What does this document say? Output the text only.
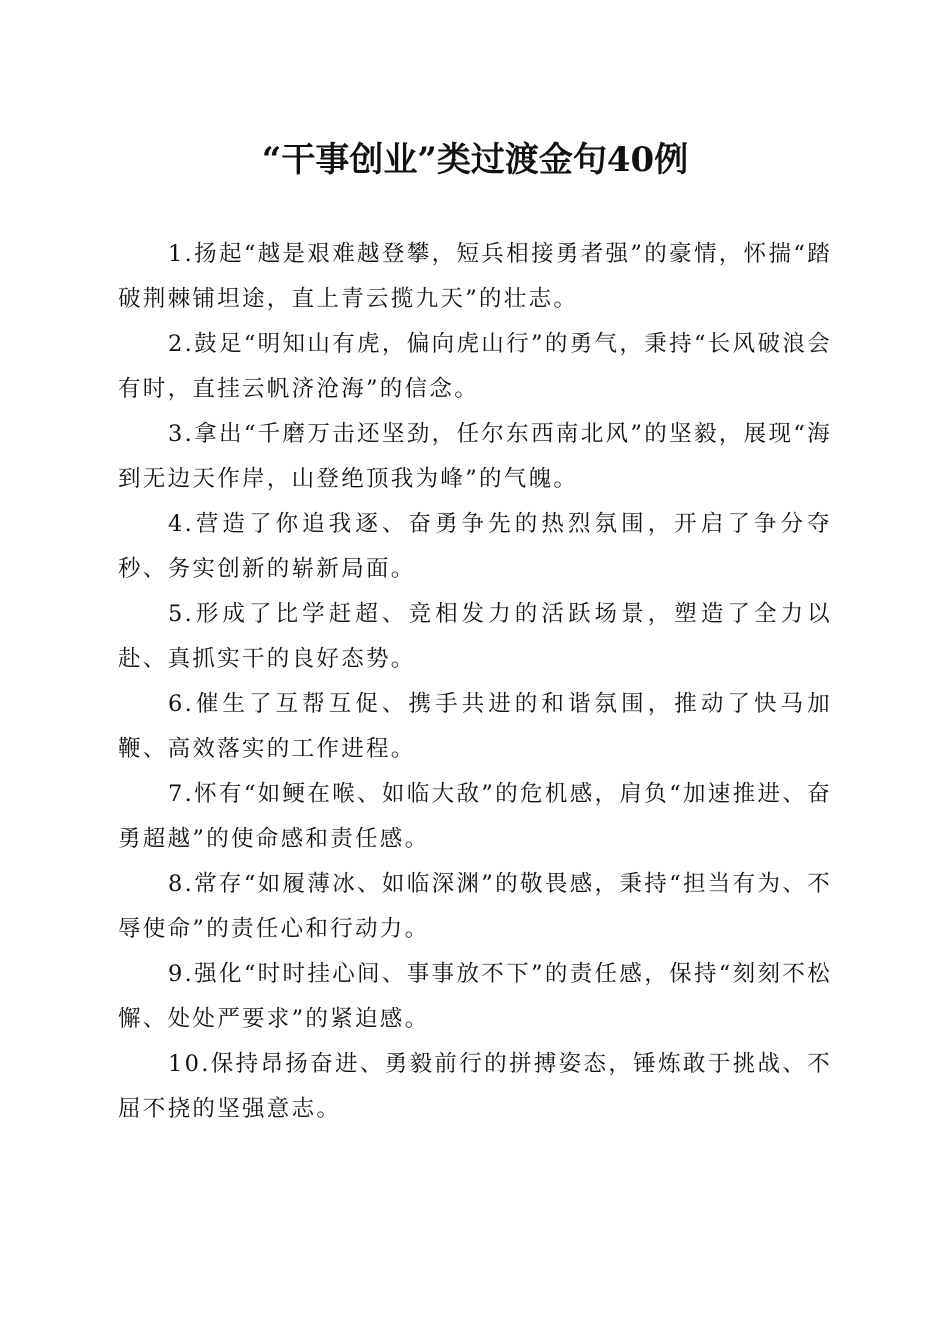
“干事创业”类过渡金句40例

1.扬起“越是艰难越登攀，短兵相接勇者强”的豪情，怀揣“踏破荆棘铺坦途，直上青云揽九天”的壮志。

2.鼓足“明知山有虎，偏向虎山行”的勇气，秉持“长风破浪会有时，直挂云帆济沧海”的信念。

3.拿出“千磨万击还坚劲，任尔东西南北风”的坚毅，展现“海到无边天作岸，山登绝顶我为峰”的气魄。

4.营造了你追我逐、奋勇争先的热烈氛围，开启了争分夺秒、务实创新的崭新局面。

5.形成了比学赶超、竞相发力的活跃场景，塑造了全力以赴、真抓实干的良好态势。

6.催生了互帮互促、携手共进的和谐氛围，推动了快马加鞭、高效落实的工作进程。

7.怀有“如鲠在喉、如临大敌”的危机感，肩负“加速推进、奋勇超越”的使命感和责任感。

8.常存“如履薄冰、如临深渊”的敬畏感，秉持“担当有为、不辱使命”的责任心和行动力。

9.强化“时时挂心间、事事放不下”的责任感，保持“刻刻不松懈、处处严要求”的紧迫感。

10.保持昂扬奋进、勇毅前行的拼搏姿态，锤炼敢于挑战、不屈不挠的坚强意志。
